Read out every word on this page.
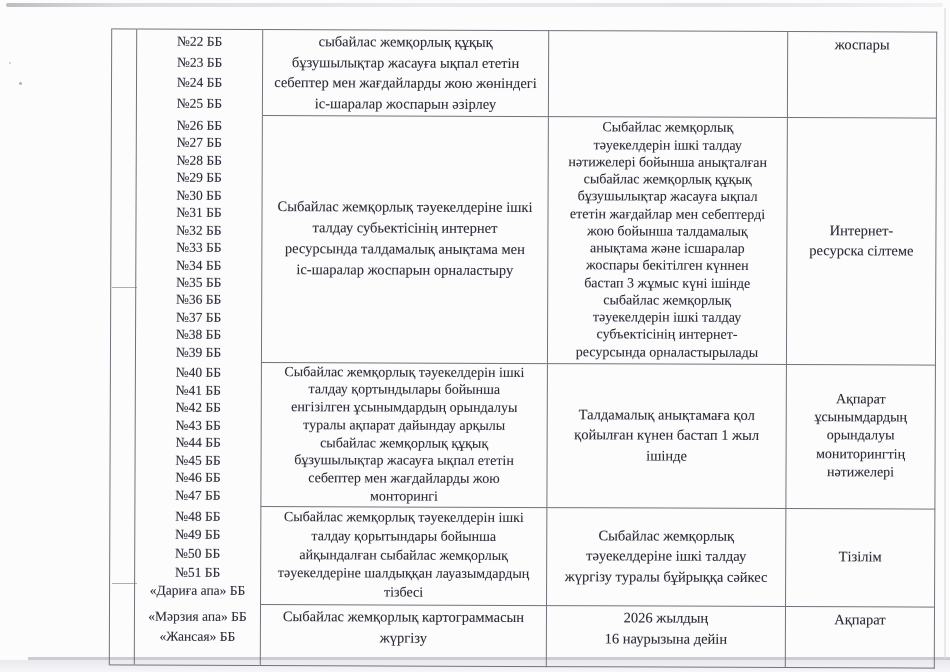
	№22 ББ
№23 ББ
№24 ББ
№25 ББ	сыбайлас жемқорлық құқық
бұзушылықтар жасауға ықпал ететін
себептер мен жағдайларды жою жөніндегі
іс-шаралар жоспарын әзірлеу		жоспары
	№26 ББ
№27 ББ
№28 ББ
№29 ББ
№30 ББ
№31 ББ
№32 ББ
№33 ББ
№34 ББ
№35 ББ
№36 ББ
№37 ББ
№38 ББ
№39 ББ	Сыбайлас жемқорлық тәуекелдеріне ішкі
талдау субьектісінің интернет
ресурсында талдамалық анықтама мен
іс-шаралар жоспарын орналастыру	Сыбайлас жемқорлық
тәуекелдерін ішкі талдау
нәтижелері бойынша анықталған
сыбайлас жемқорлық құқық
бұзушылықтар жасауға ықпал
ететін жағдайлар мен себептерді
жою бойынша талдамалық
анықтама және ісшаралар
жоспары бекітілген күннен
бастап 3 жұмыс күні ішінде
сыбайлас жемқорлық
тәуекелдерін ішкі талдау
субъектісінің интернет-
ресурсында орналастырылады	Интернет-
ресурска сілтеме
	№40 ББ
№41 ББ
№42 ББ
№43 ББ
№44 ББ
№45 ББ
№46 ББ
№47 ББ	Сыбайлас жемқорлық тәуекелдерін ішкі
талдау қортындылары бойынша
енгізілген ұсынымдардың орындалуы
туралы ақпарат дайындау арқылы
сыбайлас жемқорлық құқық
бұзушылықтар жасауға ықпал ететін
себептер мен жағдайларды жою
монторингі	Талдамалық анықтамаға қол
қойылған күнен бастап 1 жыл
ішінде	Ақпарат
ұсынымдардың
орындалуы
мониторингтің
нәтижелері
	№48 ББ
№49 ББ
№50 ББ
№51 ББ
«Дариға апа» ББ	Сыбайлас жемқорлық тәуекелдерін ішкі
талдау қорытындары бойынша
айқындалған сыбайлас жемқорлық
тәуекелдеріне шалдыққан лауазымдардың
тізбесі	Сыбайлас жемқорлық
тәуекелдеріне ішкі талдау
жүргізу туралы бұйрыққа сәйкес	Тізілім
	«Мәрзия апа» ББ
«Жансая» ББ	Сыбайлас жемқорлық картограммасын
жүргізу	2026 жылдың
16 наурызына дейін	Ақпарат
